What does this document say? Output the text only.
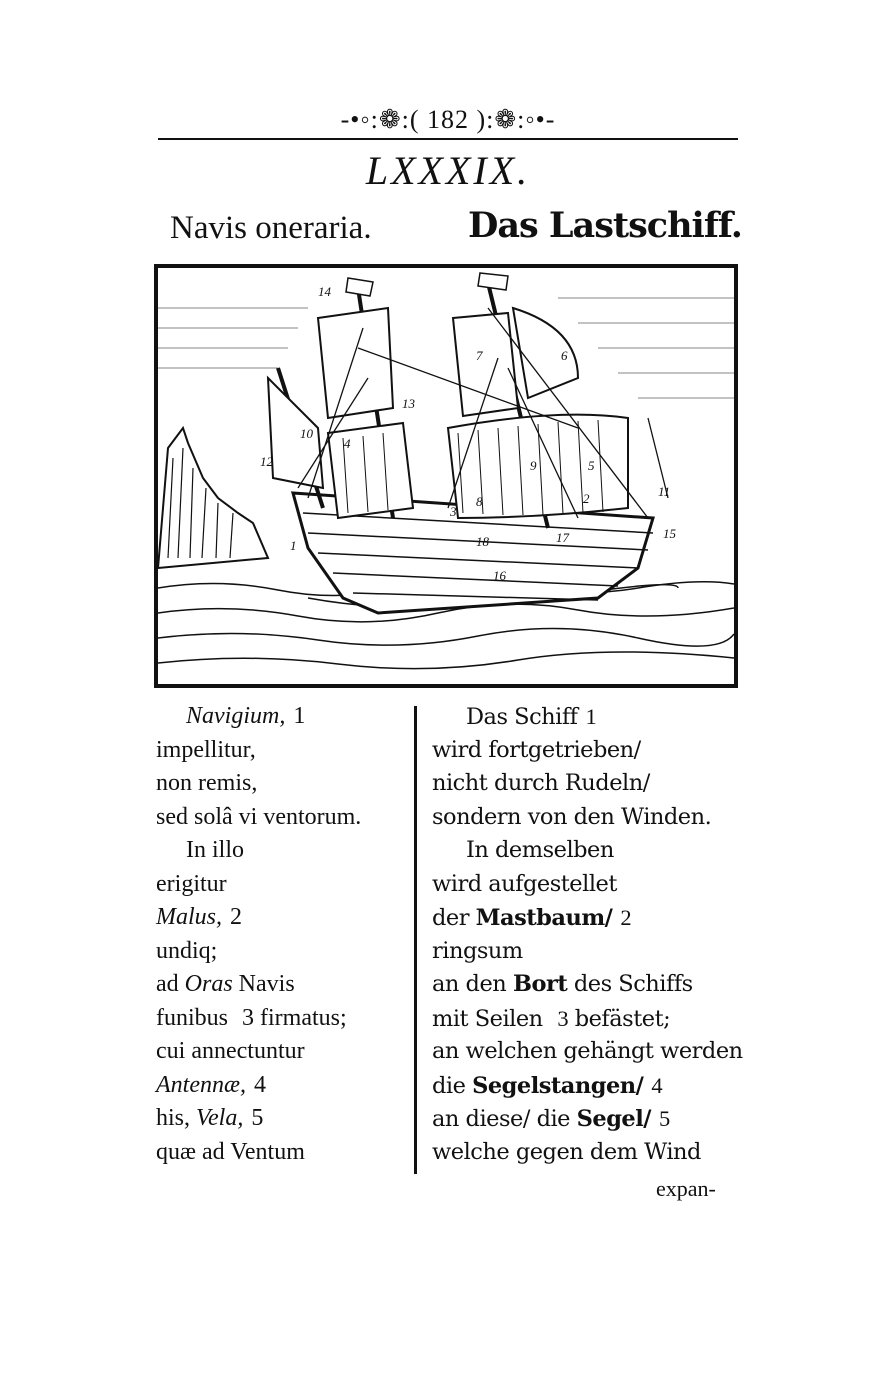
-•◦:❁:( 182 ):❁:◦•-
LXXXIX.
Navis oneraria.	Das Lastschiff.
14
7	6
13
10
4
12	9	5
2	11
3
8
1	18	17	15
16
Navigium, 1
impellitur,
non remis,
sed solâ vi ventorum.
In illo
erigitur
Malus, 2
undiq;
ad Oras Navis
funibus 3 firmatus;
cui annectuntur
Antennæ, 4
his, Vela, 5
quæ ad Ventum
Das Schiff 1
wird fortgetrieben/
nicht durch Rudeln/
sondern von den Winden.
In demselben
wird aufgestellet
der Mastbaum/ 2
ringsum
an den Bort des Schiffs
mit Seilen 3 befästet;
an welchen gehängt werden
die Segelstangen/ 4
an diese/ die Segel/ 5
welche gegen dem Wind
expan-
